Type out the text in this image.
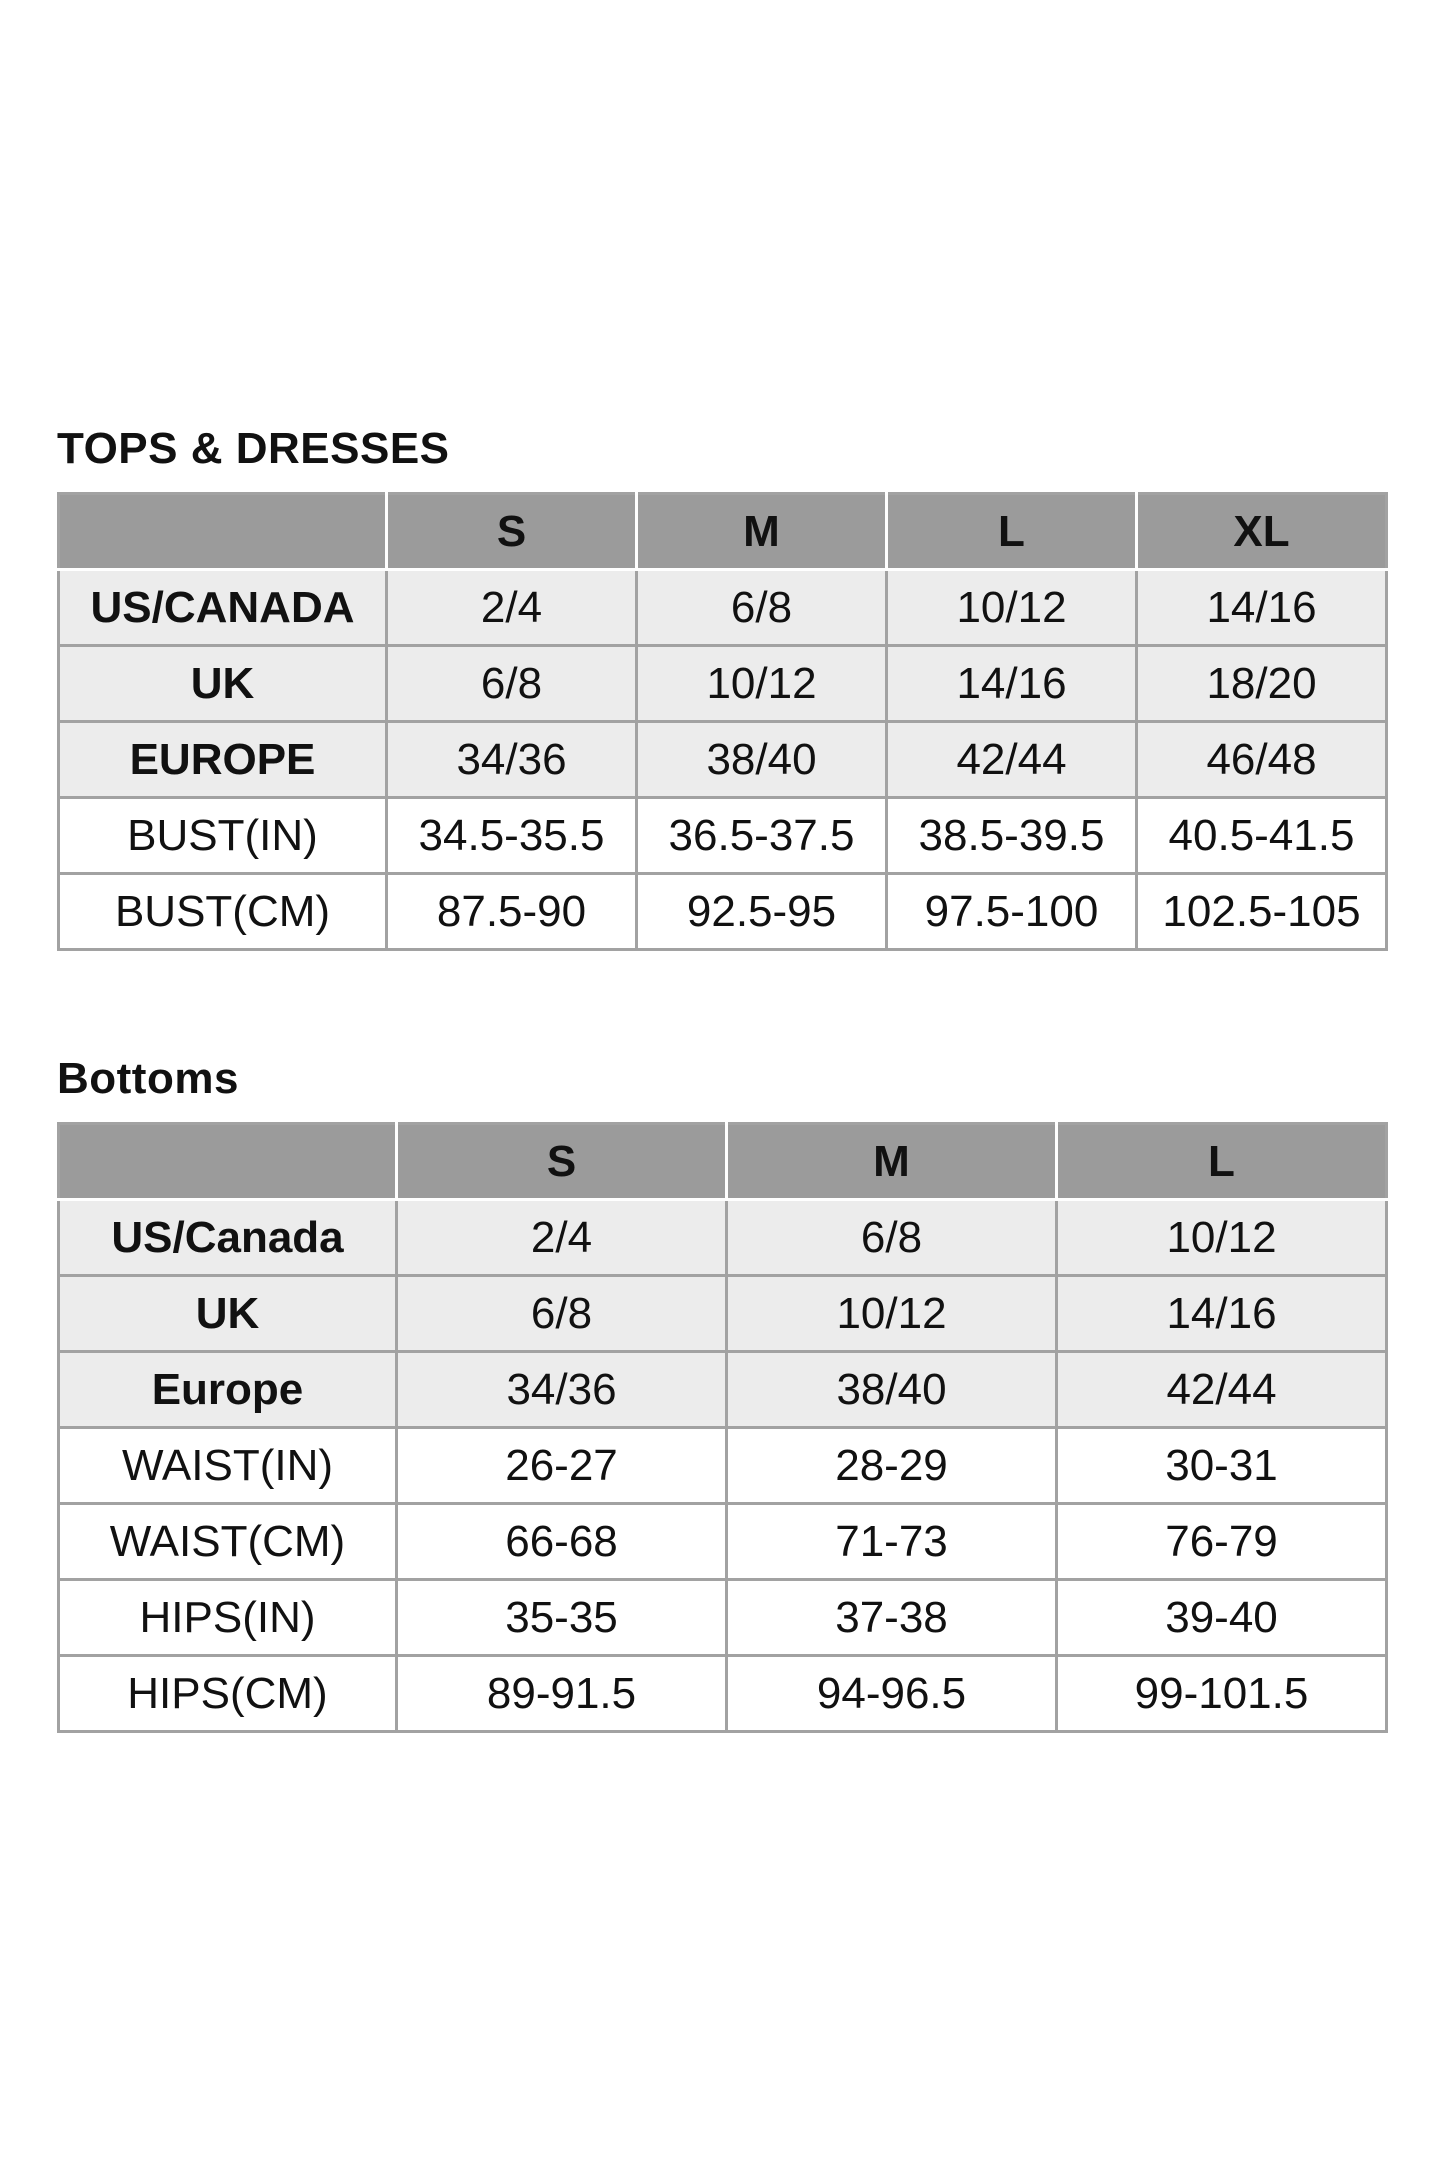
TOPS & DRESSES
	S	M	L	XL
US/CANADA	2/4	6/8	10/12	14/16
UK	6/8	10/12	14/16	18/20
EUROPE	34/36	38/40	42/44	46/48
BUST(IN)	34.5-35.5	36.5-37.5	38.5-39.5	40.5-41.5
BUST(CM)	87.5-90	92.5-95	97.5-100	102.5-105
Bottoms
	S	M	L
US/Canada	2/4	6/8	10/12
UK	6/8	10/12	14/16
Europe	34/36	38/40	42/44
WAIST(IN)	26-27	28-29	30-31
WAIST(CM)	66-68	71-73	76-79
HIPS(IN)	35-35	37-38	39-40
HIPS(CM)	89-91.5	94-96.5	99-101.5
